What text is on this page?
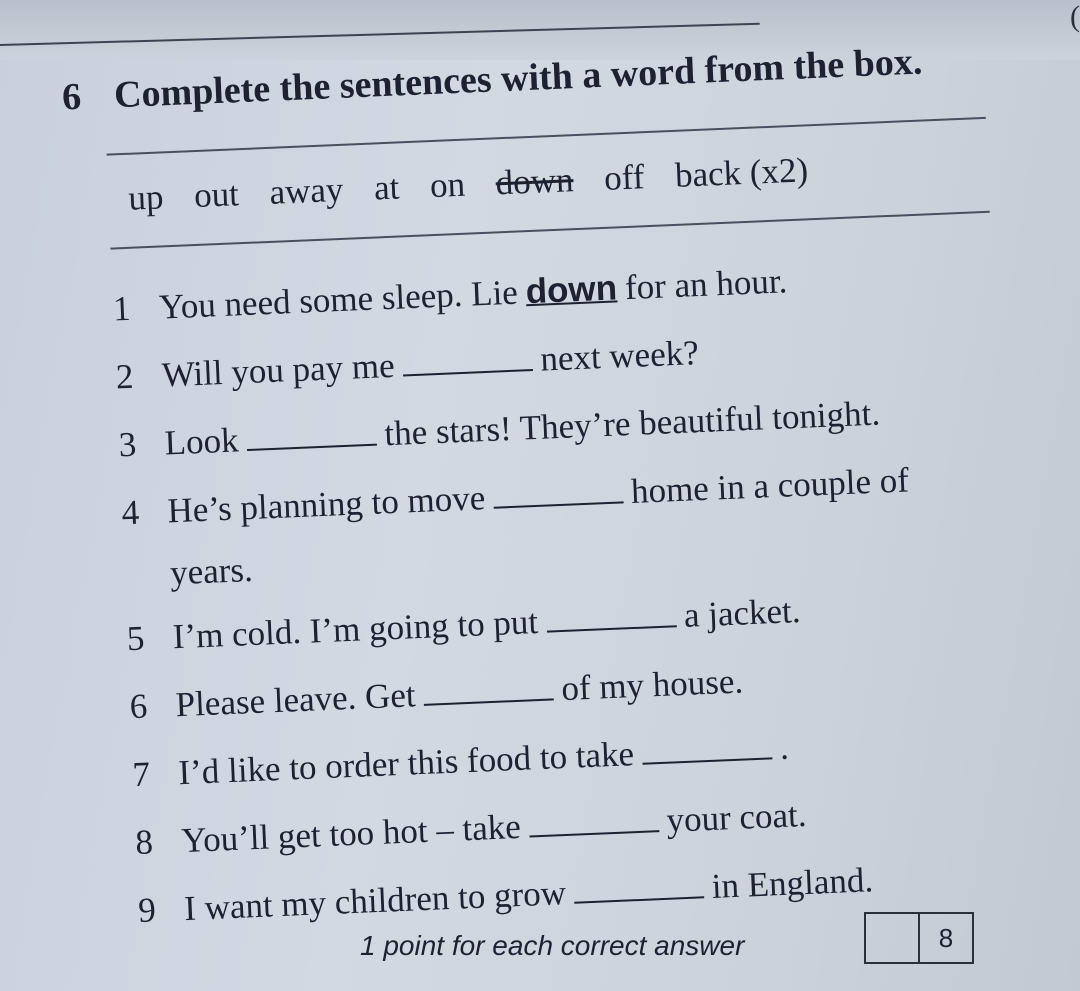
(
6 Complete the sentences with a word from the box.
up out away at on down off back (x2)
1 You need some sleep. Lie down for an hour.
2 Will you pay me	next week?
3 Look	the stars! They’re beautiful tonight.
4 He’s planning to move	home in a couple of
years.
5 I’m cold. I’m going to put	a jacket.
6 Please leave. Get	of my house.
7 I’d like to order this food to take	.
8 You’ll get too hot – take	your coat.
9 I want my children to grow	in England.
1 point for each correct answer	8
